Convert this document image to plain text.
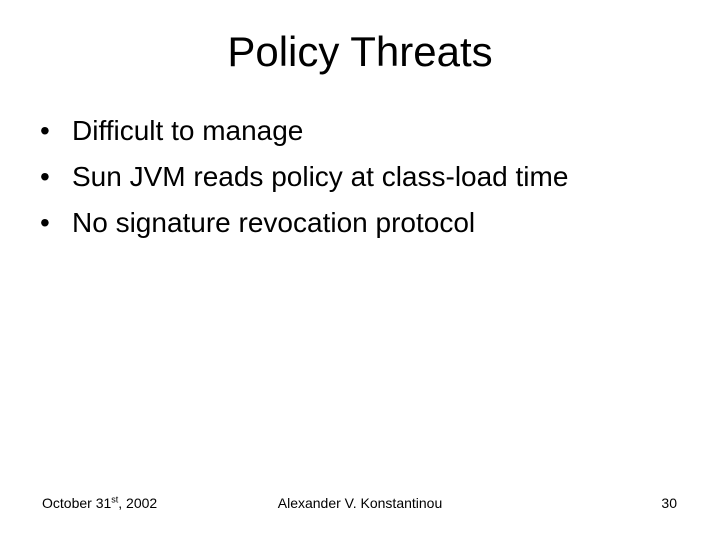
Policy Threats
• Difficult to manage
• Sun JVM reads policy at class-load time
• No signature revocation protocol
October 31st, 2002	Alexander V. Konstantinou	30
